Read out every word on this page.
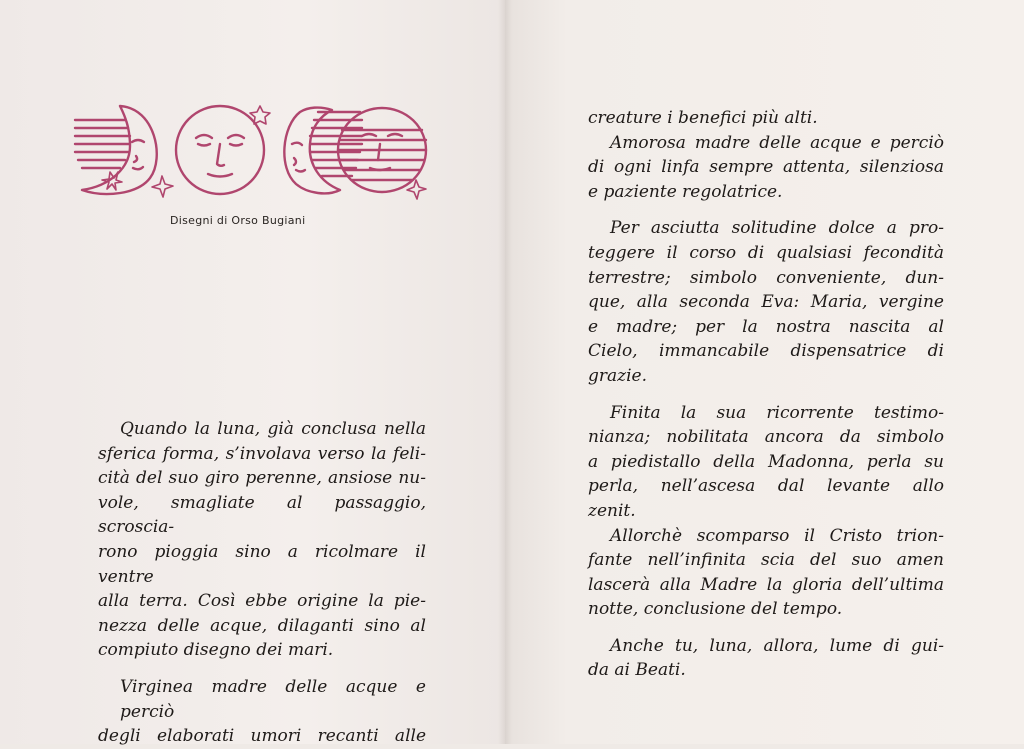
Disegni di Orso Bugiani

Quando la luna, già conclusa nella
sferica forma, s’involava verso la feli-
cità del suo giro perenne, ansiose nu-
vole, smagliate al passaggio, scroscia-
rono pioggia sino a ricolmare il ventre
alla terra. Così ebbe origine la pie-
nezza delle acque, dilaganti sino al
compiuto disegno dei mari.

Virginea madre delle acque e perciò
degli elaborati umori recanti alle

creature i benefici più alti.
Amorosa madre delle acque e perciò
di ogni linfa sempre attenta, silenziosa
e paziente regolatrice.

Per asciutta solitudine dolce a pro-
teggere il corso di qualsiasi fecondità
terrestre; simbolo conveniente, dun-
que, alla seconda Eva: Maria, vergine
e madre; per la nostra nascita al
Cielo, immancabile dispensatrice di
grazie.

Finita la sua ricorrente testimo-
nianza; nobilitata ancora da simbolo
a piedistallo della Madonna, perla su
perla, nell’ascesa dal levante allo
zenit.
Allorchè scomparso il Cristo trion-
fante nell’infinita scia del suo amen
lascerà alla Madre la gloria dell’ultima
notte, conclusione del tempo.

Anche tu, luna, allora, lume di gui-
da ai Beati.
